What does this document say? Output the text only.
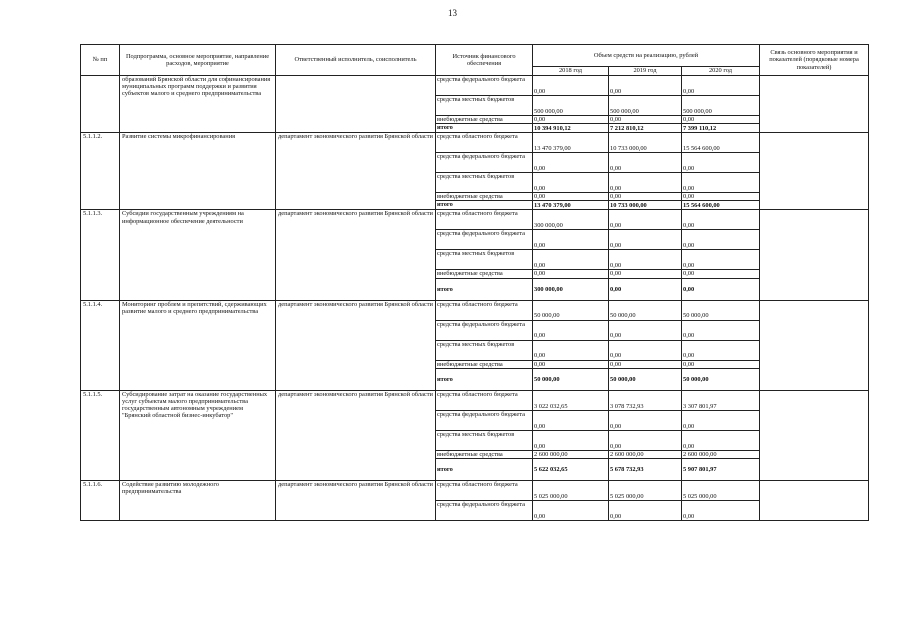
13
№ пп	Подпрограмма, основное мероприятие, направление расходов, мероприятие	Ответственный исполнитель, соисполнитель	Источник финансового обеспечения	Объем средств на реализацию, рублей			Связь основного мероприятия и показателей (порядковые номера показателей)
				2018 год	2019 год	2020 год	
	образований Брянской области для софинансирования муниципальных программ поддержки и развития субъектов малого и среднего предпринимательства		средства федерального бюджета	0,00	0,00	0,00	
			средства местных бюджетов	500 000,00	500 000,00	500 000,00	
			внебюджетные средства	0,00	0,00	0,00	
			итого	10 394 910,12	7 212 810,12	7 399 110,12	
5.1.1.2.	Развитие системы микрофинансирования	департамент экономического развития Брянской области	средства областного бюджета	13 470 379,00	10 733 000,00	15 564 600,00	
			средства федерального бюджета	0,00	0,00	0,00	
			средства местных бюджетов	0,00	0,00	0,00	
			внебюджетные средства	0,00	0,00	0,00	
			итого	13 470 379,00	10 733 000,00	15 564 600,00	
5.1.1.3.	Субсидии государственным учреждениям на информационное обеспечение деятельности	департамент экономического развития Брянской области	средства областного бюджета	300 000,00	0,00	0,00	
			средства федерального бюджета	0,00	0,00	0,00	
			средства местных бюджетов	0,00	0,00	0,00	
			внебюджетные средства	0,00	0,00	0,00	
			итого	300 000,00	0,00	0,00	
5.1.1.4.	Мониторинг проблем и препятствий, сдерживающих развитие малого и среднего предпринимательства	департамент экономического развития Брянской области	средства областного бюджета	50 000,00	50 000,00	50 000,00	
			средства федерального бюджета	0,00	0,00	0,00	
			средства местных бюджетов	0,00	0,00	0,00	
			внебюджетные средства	0,00	0,00	0,00	
			итого	50 000,00	50 000,00	50 000,00	
5.1.1.5.	Субсидирование затрат на оказание государственных услуг субъектам малого предпринимательства государственным автономным учреждением "Брянский областной бизнес-инкубатор"	департамент экономического развития Брянской области	средства областного бюджета	3 022 032,65	3 078 732,93	3 307 801,97	
			средства федерального бюджета	0,00	0,00	0,00	
			средства местных бюджетов	0,00	0,00	0,00	
			внебюджетные средства	2 600 000,00	2 600 000,00	2 600 000,00	
			итого	5 622 032,65	5 678 732,93	5 907 801,97	
5.1.1.6.	Содействие развитию молодежного предпринимательства	департамент экономического развития Брянской области	средства областного бюджета	5 025 000,00	5 025 000,00	5 025 000,00	
			средства федерального бюджета	0,00	0,00	0,00	
